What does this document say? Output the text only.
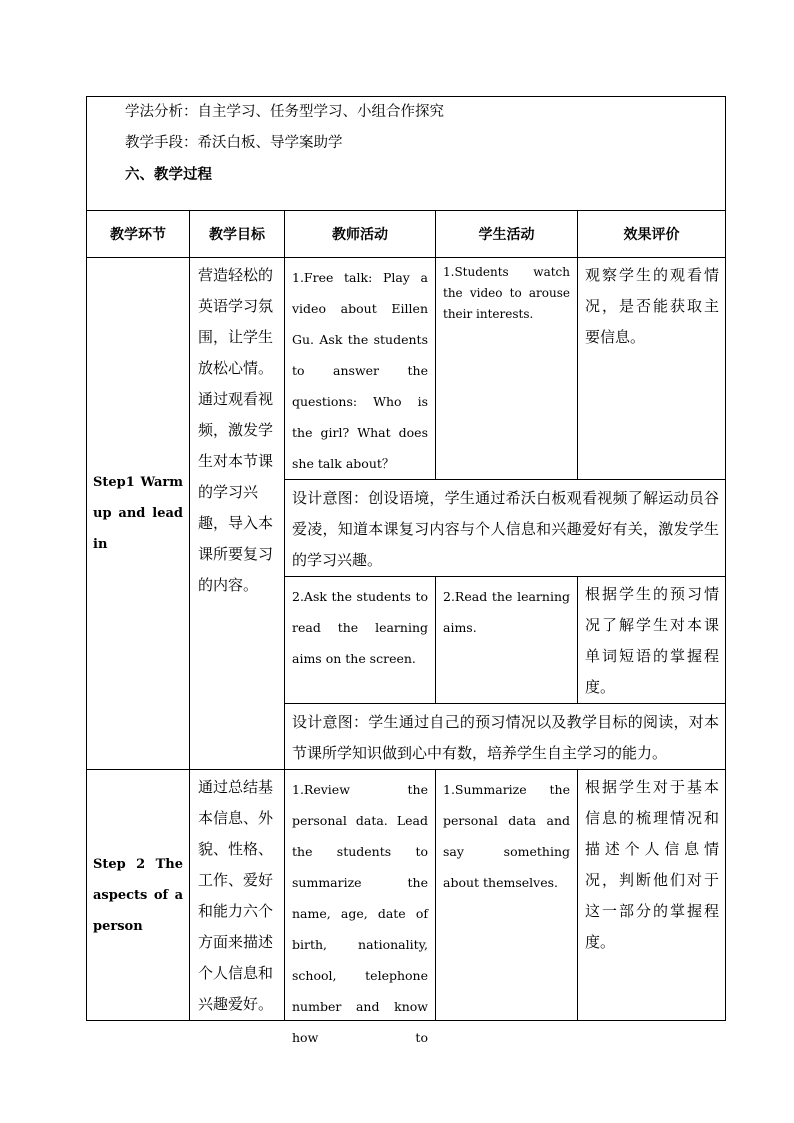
学法分析：自主学习、任务型学习、小组合作探究

教学手段：希沃白板、导学案助学

六、教学过程				

教学环节	教学目标	教师活动	学生活动	效果评价
Step1 Warm up and lead in	营造轻松的英语学习氛围，让学生放松心情。通过观看视频，激发学生对本节课的学习兴趣，导入本课所要复习的内容。	1.Free talk: Play a video about Eillen Gu. Ask the students to answer the questions: Who is the girl? What does she talk about？	1.Students watch the video to arouse their interests.	观察学生的观看情况，是否能获取主要信息。
		设计意图：创设语境，学生通过希沃白板观看视频了解运动员谷爱凌，知道本课复习内容与个人信息和兴趣爱好有关，激发学生的学习兴趣。		

		2.Ask the students to read the learning aims on the screen.	2.Read the learning aims.	根据学生的预习情况了解学生对本课单词短语的掌握程度。
		设计意图：学生通过自己的预习情况以及教学目标的阅读，对本节课所学知识做到心中有数，培养学生自主学习的能力。		
Step 2 The aspects of a person	通过总结基本信息、外貌、性格、工作、爱好和能力六个方面来描述个人信息和兴趣爱好。	1.Review the personal data. Lead the students to summarize the name, age, date of birth, nationality, school, telephone number and know how to	1.Summarize the personal data and say something about themselves.	根据学生对于基本信息的梳理情况和描述个人信息情况，判断他们对于这一部分的掌握程度。
